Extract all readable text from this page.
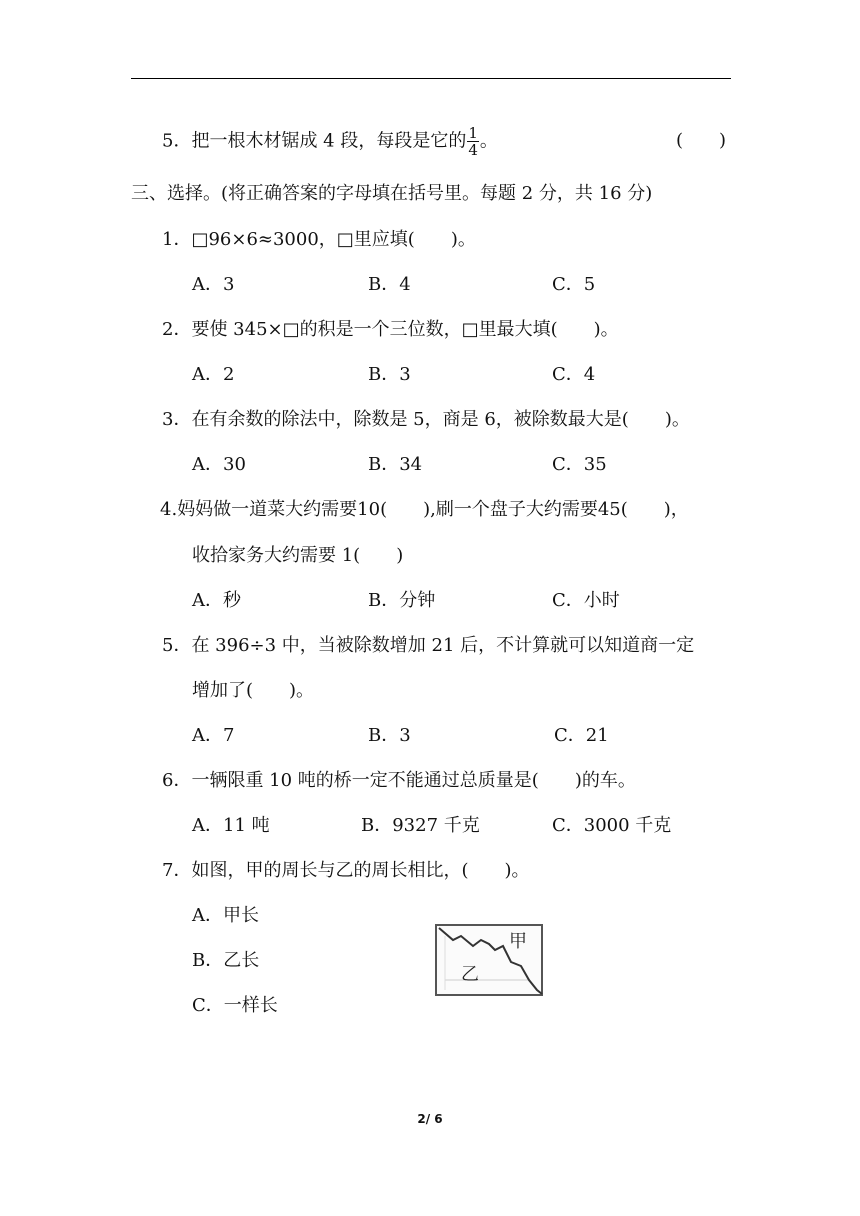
5．把一根木材锯成 4 段，每段是它的 $\frac{1}{4}$ 。	(　　)
三、选择。(将正确答案的字母填在括号里。每题 2 分，共 16 分)
1．□96×6≈3000，□里应填(　　)。
A．3	B．4	C．5
2．要使 345×□的积是一个三位数，□里最大填(　　)。
A．2	B．3	C．4
3．在有余数的除法中，除数是 5，商是 6，被除数最大是(　　)。
A．30	B．34	C．35
4.妈妈做一道菜大约需要10(　　),刷一个盘子大约需要45(　　)，
收拾家务大约需要 1(　　)
A．秒	B．分钟	C．小时
5．在 396÷3 中，当被除数增加 21 后，不计算就可以知道商一定
增加了(　　)。
A．7	B．3	C．21
6．一辆限重 10 吨的桥一定不能通过总质量是(　　)的车。
A．11 吨	B．9327 千克	C．3000 千克
7．如图，甲的周长与乙的周长相比，(　　)。
A．甲长
B．乙长
C．一样长
甲
乙
2/ 6
